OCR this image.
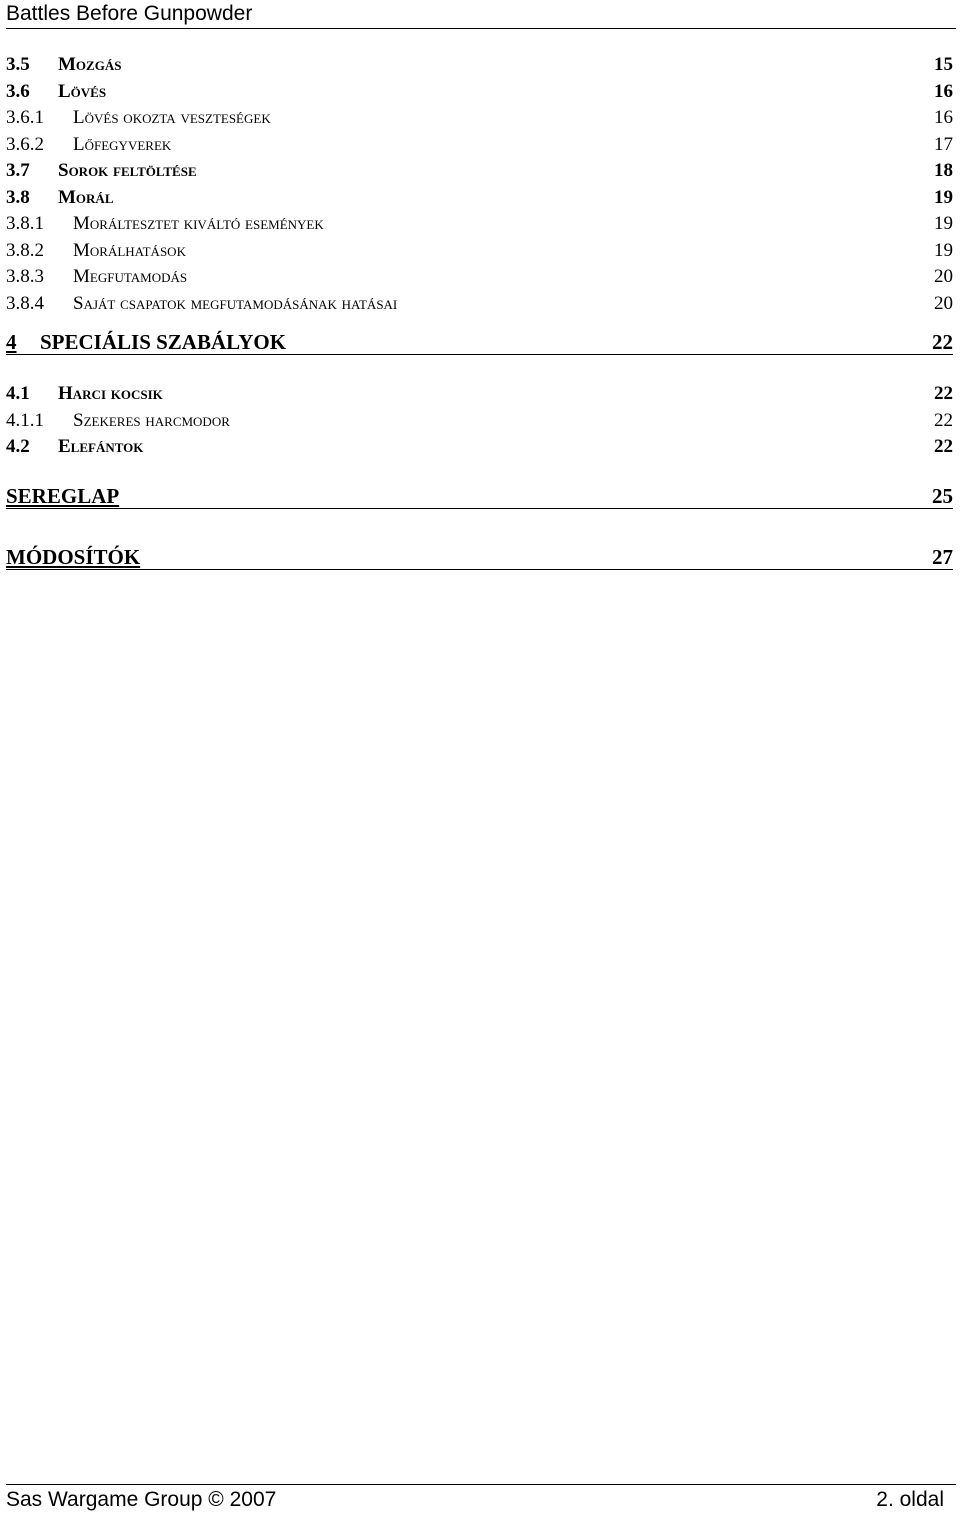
Battles Before Gunpowder
3.5 Mozgás	15
3.6 Lövés	16
3.6.1 Lövés okozta veszteségek	16
3.6.2 Lőfegyverek	17
3.7 Sorok feltöltése	18
3.8 Morál	19
3.8.1 Moráltesztet kiváltó események	19
3.8.2 Morálhatások	19
3.8.3 Megfutamodás	20
3.8.4 Saját csapatok megfutamodásának hatásai	20
4 SPECIÁLIS SZABÁLYOK	22
4.1 Harci kocsik	22
4.1.1 Szekeres harcmodor	22
4.2 Elefántok	22
SEREGLAP	25
MÓDOSÍTÓK	27
Sas Wargame Group © 2007	2. oldal
